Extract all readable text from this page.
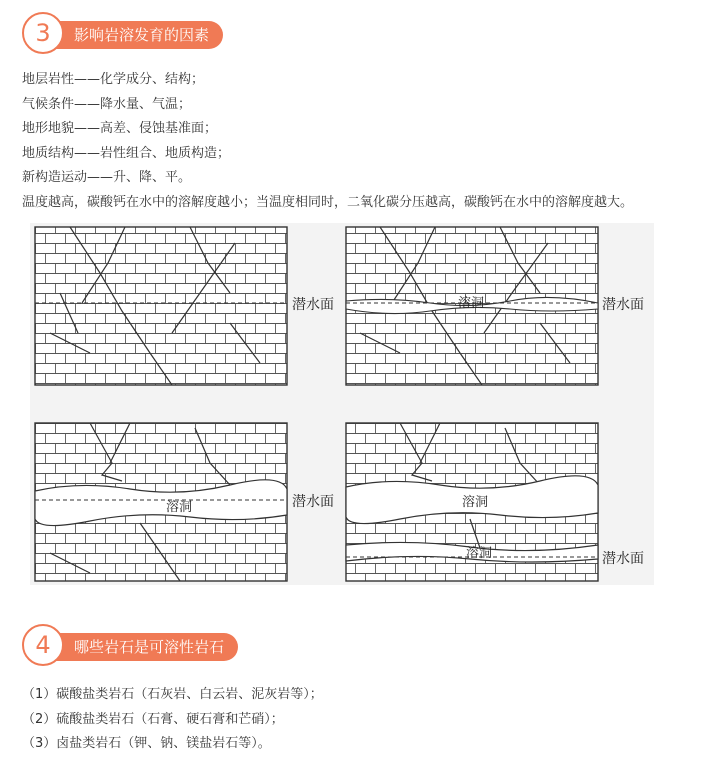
3	影响岩溶发育的因素
地层岩性——化学成分、结构；
气候条件——降水量、气温；
地形地貌——高差、侵蚀基准面；
地质结构——岩性组合、地质构造；
新构造运动——升、降、平。
温度越高，碳酸钙在水中的溶解度越小；当温度相同时，二氧化碳分压越高，碳酸钙在水中的溶解度越大。
潜水面	溶洞	潜水面
溶洞	潜水面	溶洞
溶洞	潜水面
4	哪些岩石是可溶性岩石
（1）碳酸盐类岩石（石灰岩、白云岩、泥灰岩等）；
（2）硫酸盐类岩石（石膏、硬石膏和芒硝）；
（3）卤盐类岩石（钾、钠、镁盐岩石等）。
